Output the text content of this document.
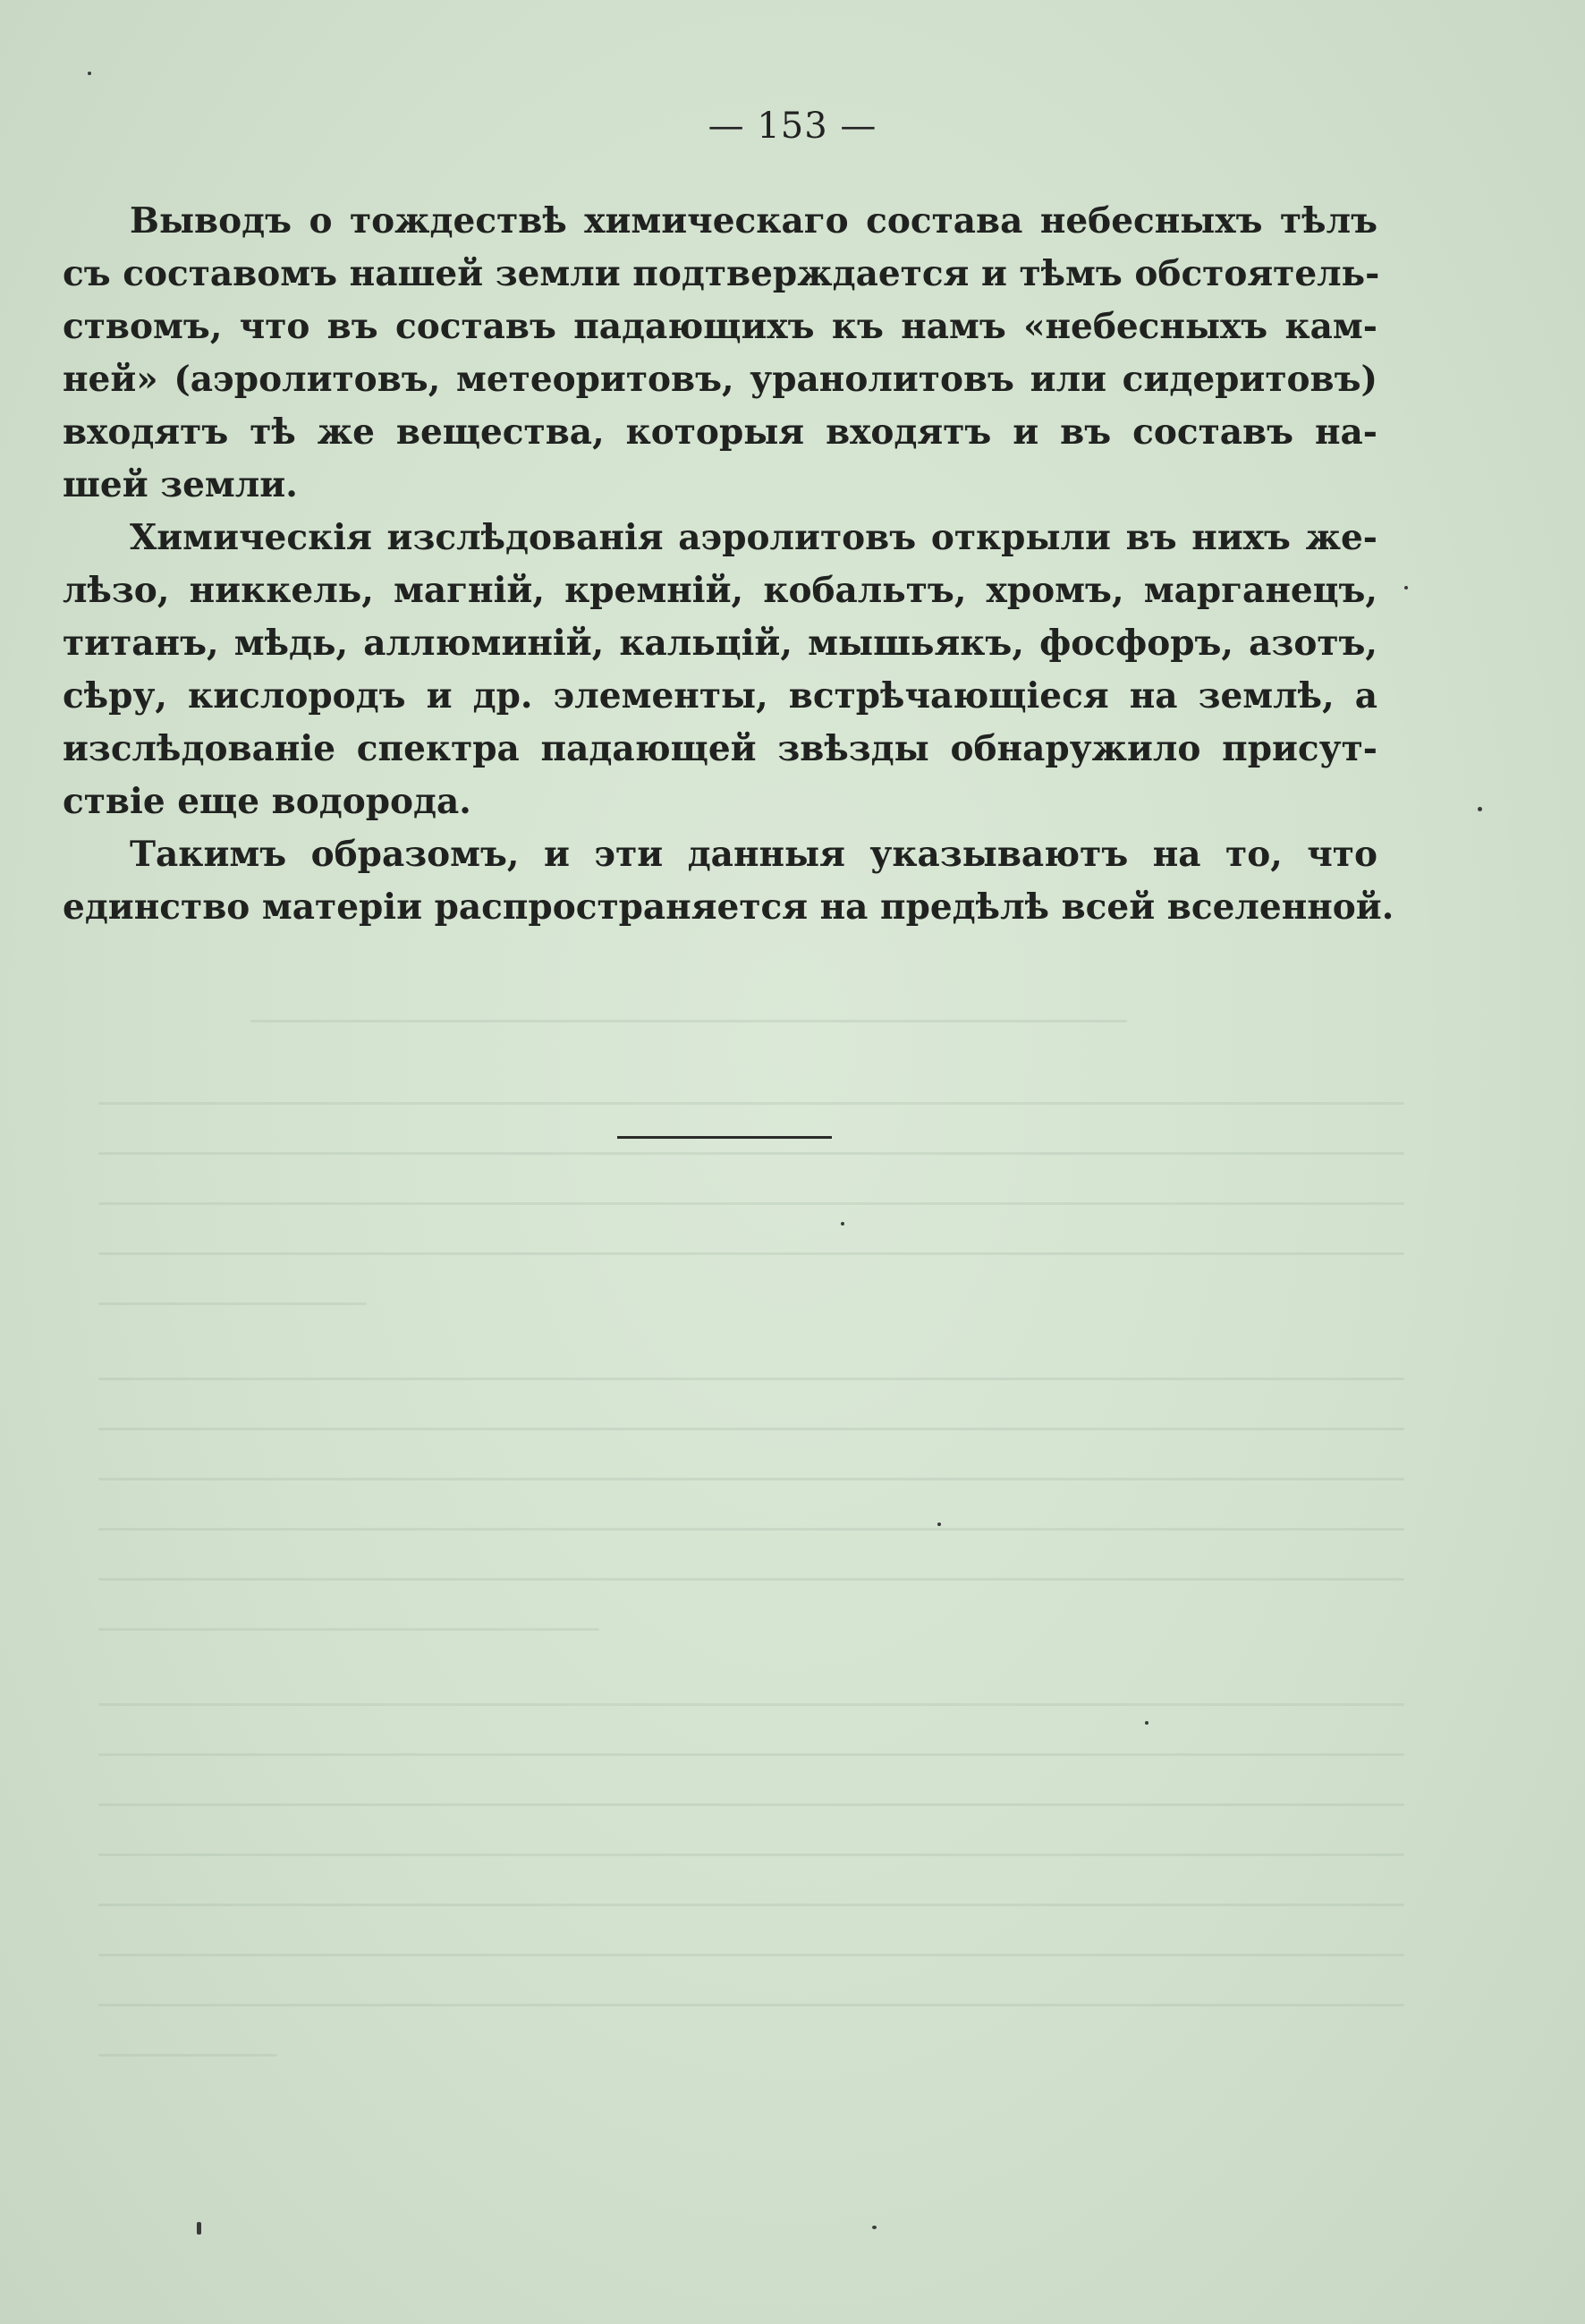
— 153 —

Выводъ о тождествѣ химическаго состава небесныхъ тѣлъ
съ составомъ нашей земли подтверждается и тѣмъ обстоятель-
ствомъ, что въ составъ падающихъ къ намъ «небесныхъ кам-
ней» (аэролитовъ, метеоритовъ, уранолитовъ или сидеритовъ)
входятъ тѣ же вещества, которыя входятъ и въ составъ на-
шей земли.

Химическія изслѣдованія аэролитовъ открыли въ нихъ же-
лѣзо, никкель, магній, кремній, кобальтъ, хромъ, марганецъ,
титанъ, мѣдь, аллюминій, кальцій, мышьякъ, фосфоръ, азотъ,
сѣру, кислородъ и др. элементы, встрѣчающіеся на землѣ, а
изслѣдованіе спектра падающей звѣзды обнаружило присут-
ствіе еще водорода.

Такимъ образомъ, и эти данныя указываютъ на то, что
единство матеріи распространяется на предѣлѣ всей вселенной.
